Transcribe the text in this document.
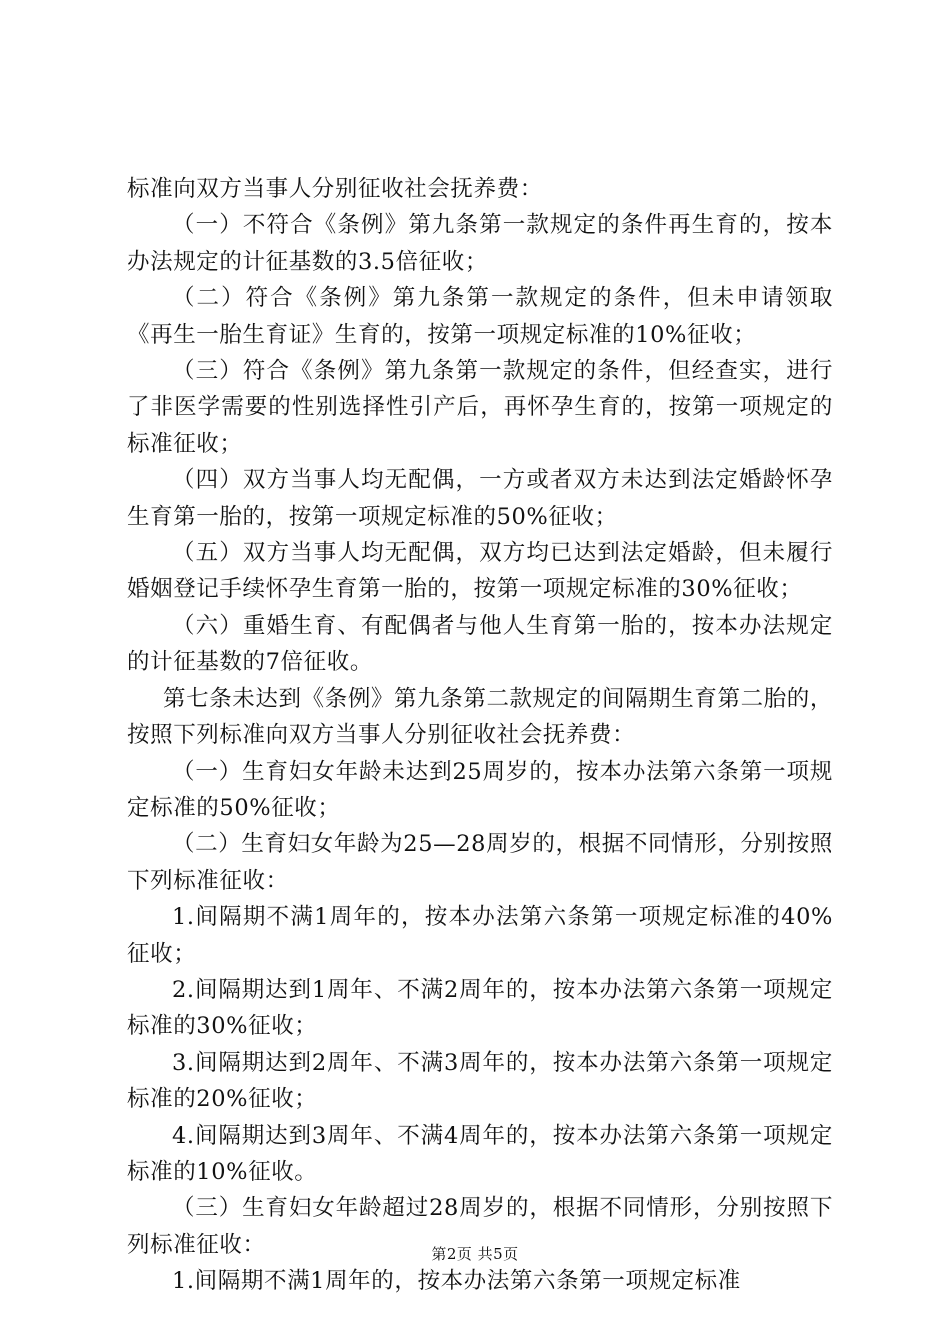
标准向双方当事人分别征收社会抚养费：

（一）不符合《条例》第九条第一款规定的条件再生育的，按本办法规定的计征基数的3.5倍征收；

（二）符合《条例》第九条第一款规定的条件，但未申请领取《再生一胎生育证》生育的，按第一项规定标准的10%征收；

（三）符合《条例》第九条第一款规定的条件，但经查实，进行了非医学需要的性别选择性引产后，再怀孕生育的，按第一项规定的标准征收；

（四）双方当事人均无配偶，一方或者双方未达到法定婚龄怀孕生育第一胎的，按第一项规定标准的50%征收；

（五）双方当事人均无配偶，双方均已达到法定婚龄，但未履行婚姻登记手续怀孕生育第一胎的，按第一项规定标准的30%征收；

（六）重婚生育、有配偶者与他人生育第一胎的，按本办法规定的计征基数的7倍征收。

第七条未达到《条例》第九条第二款规定的间隔期生育第二胎的，按照下列标准向双方当事人分别征收社会抚养费：

（一）生育妇女年龄未达到25周岁的，按本办法第六条第一项规定标准的50%征收；

（二）生育妇女年龄为25—28周岁的，根据不同情形，分别按照下列标准征收：

1.间隔期不满1周年的，按本办法第六条第一项规定标准的40%征收；

2.间隔期达到1周年、不满2周年的，按本办法第六条第一项规定标准的30%征收；

3.间隔期达到2周年、不满3周年的，按本办法第六条第一项规定标准的20%征收；

4.间隔期达到3周年、不满4周年的，按本办法第六条第一项规定标准的10%征收。

（三）生育妇女年龄超过28周岁的，根据不同情形，分别按照下列标准征收：

1.间隔期不满1周年的，按本办法第六条第一项规定标准

第2页 共5页
